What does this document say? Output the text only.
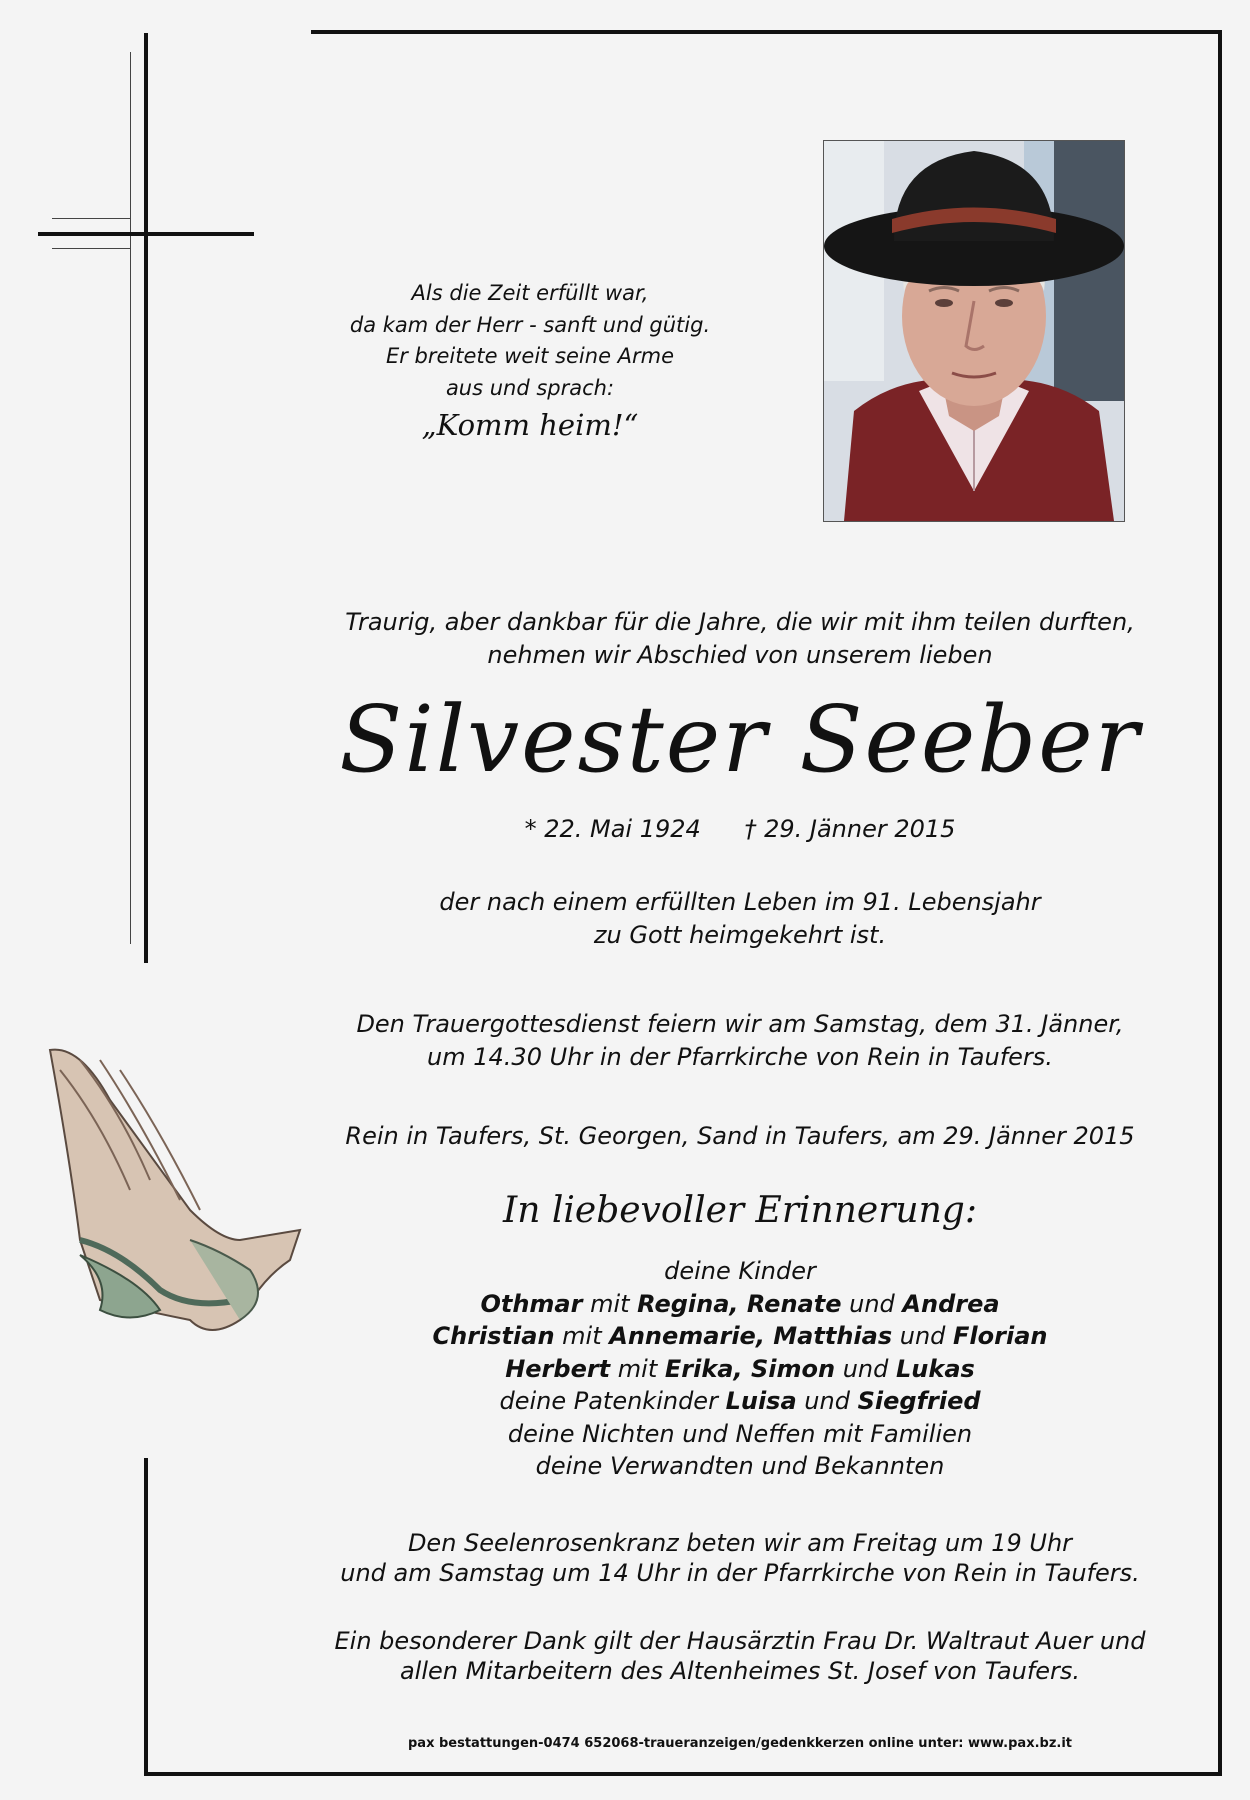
Als die Zeit erfüllt war,
da kam der Herr - sanft und gütig.
Er breitete weit seine Arme
aus und sprach:
„Komm heim!“
Traurig, aber dankbar für die Jahre, die wir mit ihm teilen durften,
nehmen wir Abschied von unserem lieben
Silvester Seeber
* 22. Mai 1924 † 29. Jänner 2015
der nach einem erfüllten Leben im 91. Lebensjahr
zu Gott heimgekehrt ist.
Den Trauergottesdienst feiern wir am Samstag, dem 31. Jänner,
um 14.30 Uhr in der Pfarrkirche von Rein in Taufers.
Rein in Taufers, St. Georgen, Sand in Taufers, am 29. Jänner 2015
In liebevoller Erinnerung:
deine Kinder
Othmar mit Regina, Renate und Andrea
Christian mit Annemarie, Matthias und Florian
Herbert mit Erika, Simon und Lukas
deine Patenkinder Luisa und Siegfried
deine Nichten und Neffen mit Familien
deine Verwandten und Bekannten
Den Seelenrosenkranz beten wir am Freitag um 19 Uhr
und am Samstag um 14 Uhr in der Pfarrkirche von Rein in Taufers.
Ein besonderer Dank gilt der Hausärztin Frau Dr. Waltraut Auer und
allen Mitarbeitern des Altenheimes St. Josef von Taufers.
pax bestattungen-0474 652068-traueranzeigen/gedenkkerzen online unter: www.pax.bz.it
